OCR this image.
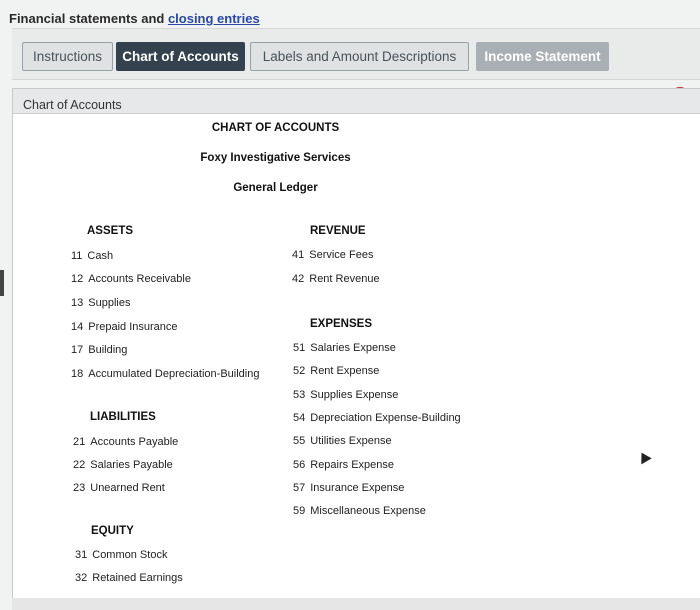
Financial statements and closing entries
Instructions	Chart of Accounts	Labels and Amount Descriptions	Income Statement
Chart of Accounts
CHART OF ACCOUNTS
Foxy Investigative Services
General Ledger
ASSETS
11 Cash
12 Accounts Receivable
13 Supplies
14 Prepaid Insurance
17 Building
18 Accumulated Depreciation-Building
LIABILITIES
21 Accounts Payable
22 Salaries Payable
23 Unearned Rent
EQUITY
31 Common Stock
32 Retained Earnings
REVENUE
41 Service Fees
42 Rent Revenue
EXPENSES
51 Salaries Expense
52 Rent Expense
53 Supplies Expense
54 Depreciation Expense-Building
55 Utilities Expense
56 Repairs Expense
57 Insurance Expense
59 Miscellaneous Expense
